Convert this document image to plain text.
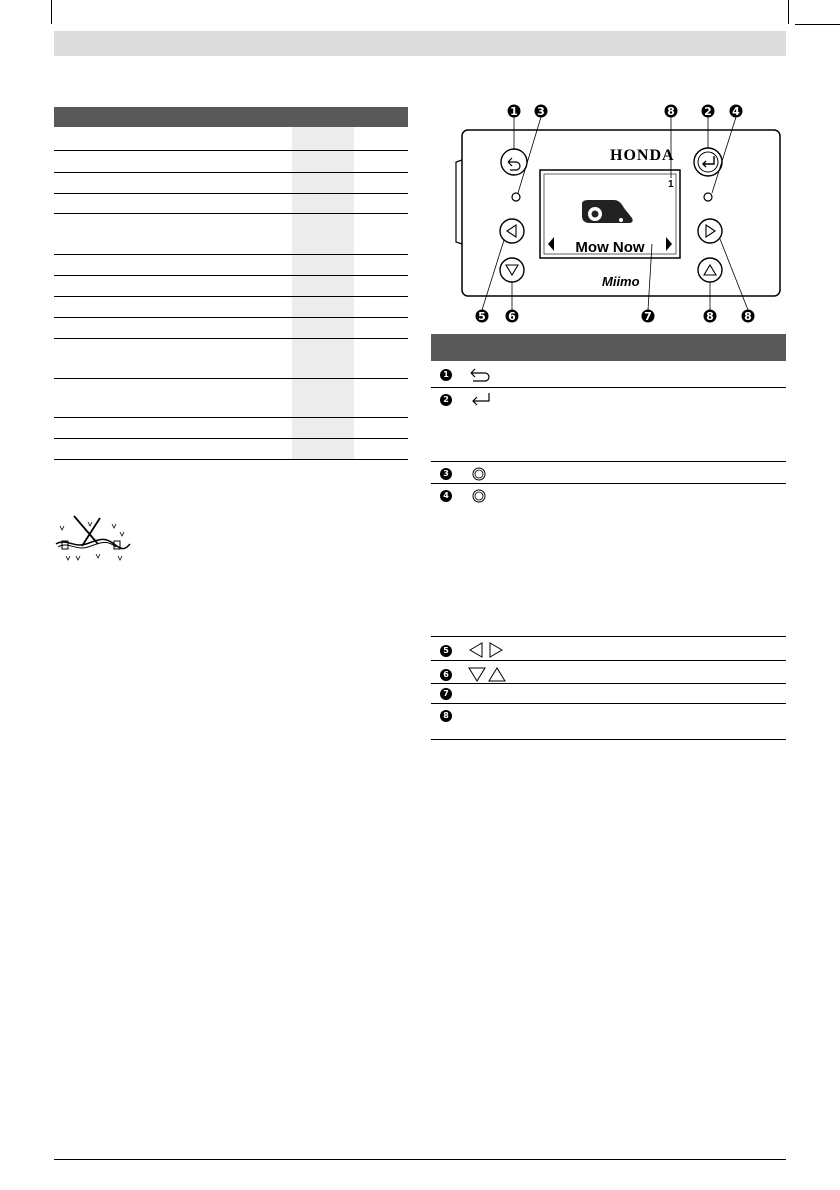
HONDA
1
Mow Now
Miimo
1 3	8	2 4
5 6	7	8	8
1
2
3
4
5
6
7
8
